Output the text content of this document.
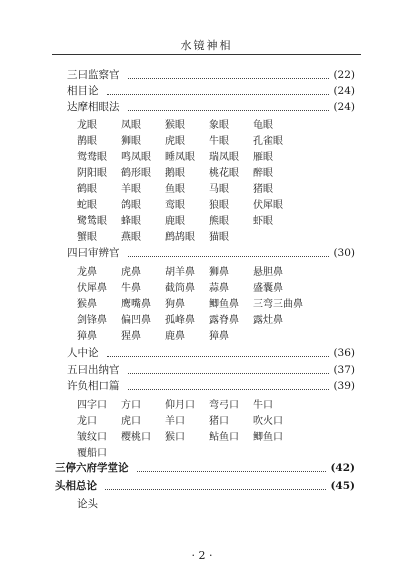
水镜神相
三曰监察官	(22)
相目论	(24)
达摩相眼法	(24)
龙眼 凤眼 猴眼 象眼 龟眼
鹊眼 狮眼 虎眼 牛眼 孔雀眼
鸳鸯眼 鸣凤眼 睡凤眼 瑞凤眼 雁眼
阴阳眼 鹤形眼 鹅眼 桃花眼 醉眼
鹤眼 羊眼 鱼眼 马眼 猪眼
蛇眼 鸽眼 鸾眼 狼眼 伏犀眼
鹭鸶眼 蜂眼 鹿眼 熊眼 虾眼
蟹眼 燕眼 鹧鸪眼 猫眼
四曰审辨官	(30)
龙鼻 虎鼻 胡羊鼻 狮鼻 悬胆鼻
伏犀鼻 牛鼻 截筒鼻 蒜鼻 盛囊鼻
猴鼻 鹰嘴鼻 狗鼻 鲫鱼鼻 三弯三曲鼻
剑锋鼻 偏凹鼻 孤峰鼻 露脊鼻 露灶鼻
獐鼻 猩鼻 鹿鼻 獐鼻
人中论	(36)
五曰出纳官	(37)
许负相口篇	(39)
四字口 方口 仰月口 弯弓口 牛口
龙口 虎口 羊口 猪口 吹火口
皱纹口 樱桃口 猴口 鲇鱼口 鲫鱼口
覆船口
三停六府学堂论	(42)
头相总论	(45)
论头
· 2 ·
